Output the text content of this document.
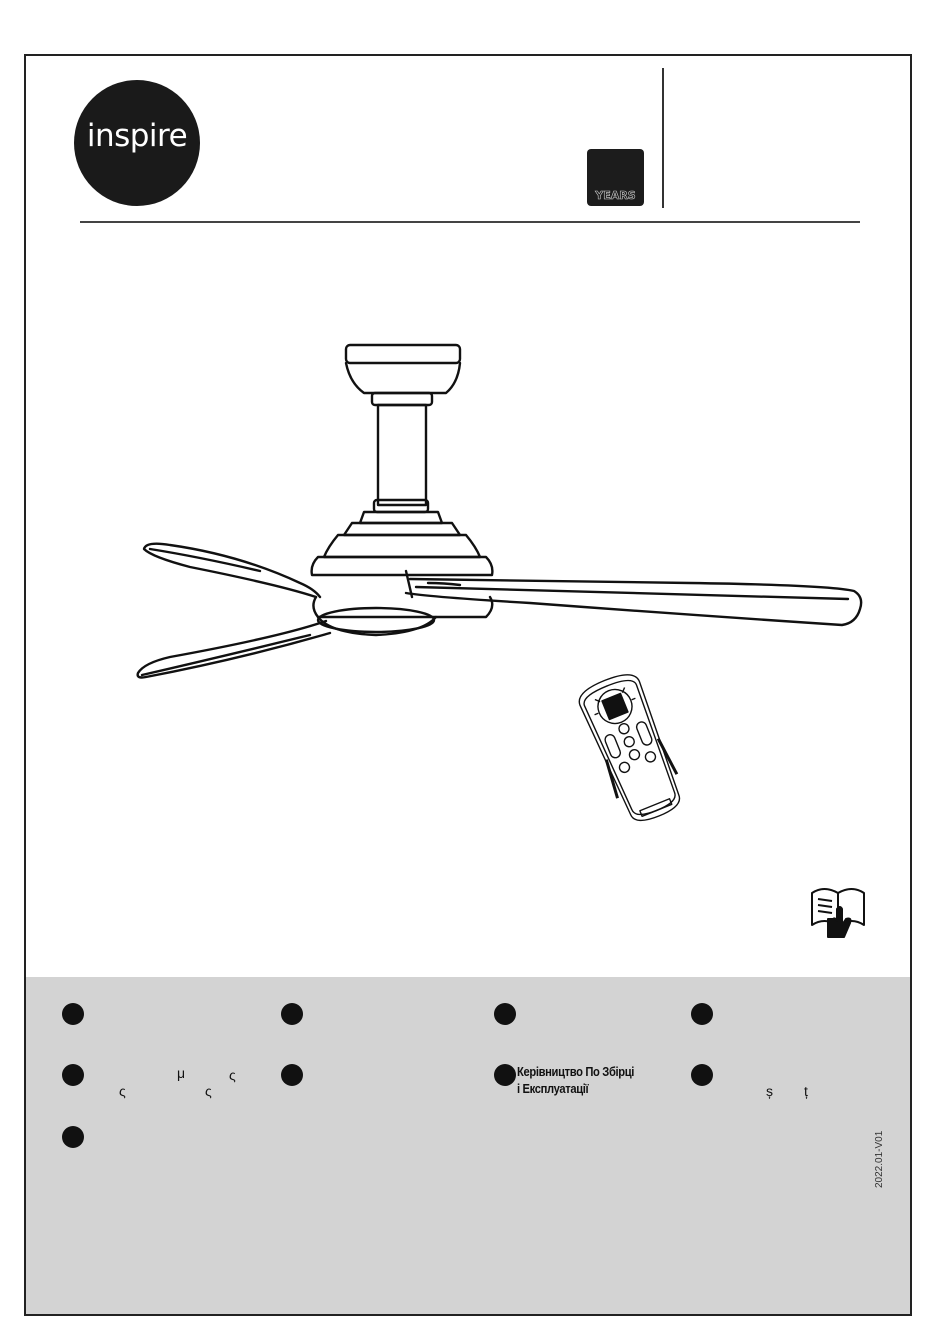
inspire
YEARS
μ	ς
ς	ς	ș ț
Керівництво По Збірці
і Експлуатації
2022.01-V01
